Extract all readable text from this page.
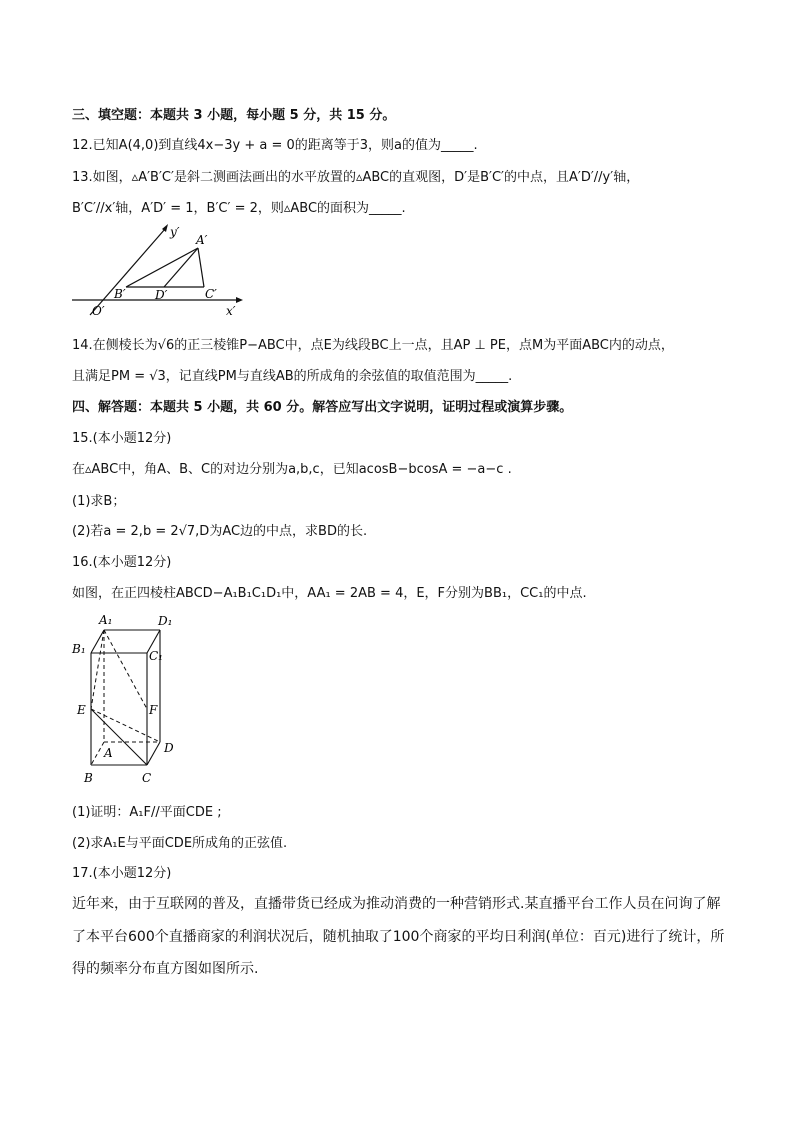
三、填空题：本题共 3 小题，每小题 5 分，共 15 分。
12.已知A(4,0)到直线4x−3y + a = 0的距离等于3，则a的值为_____.
13.如图，▵A′B′C′是斜二测画法画出的水平放置的▵ABC的直观图，D′是B′C′的中点，且A′D′//y′轴，
B′C′//x′轴，A′D′ = 1，B′C′ = 2，则▵ABC的面积为_____.
y′
A′
B′ D′	C′
O′	x′
14.在侧棱长为√6的正三棱锥P−ABC中，点E为线段BC上一点，且AP ⊥ PE，点M为平面ABC内的动点，
且满足PM = √3，记直线PM与直线AB的所成角的余弦值的取值范围为_____.
四、解答题：本题共 5 小题，共 60 分。解答应写出文字说明，证明过程或演算步骤。
15.(本小题12分)
在▵ABC中，角A、B、C的对边分别为a,b,c，已知acosB−bcosA = −a−c .
(1)求B；
(2)若a = 2,b = 2√7,D为AC边的中点，求BD的长.
16.(本小题12分)
如图，在正四棱柱ABCD−A₁B₁C₁D₁中，AA₁ = 2AB = 4，E，F分别为BB₁，CC₁的中点.
A₁	D₁
B₁	C₁
E	F
A	D
B	C
(1)证明：A₁F//平面CDE ;
(2)求A₁E与平面CDE所成角的正弦值.
17.(本小题12分)
近年来，由于互联网的普及，直播带货已经成为推动消费的一种营销形式.某直播平台工作人员在问询了解
了本平台600个直播商家的利润状况后，随机抽取了100个商家的平均日利润(单位：百元)进行了统计，所
得的频率分布直方图如图所示.
